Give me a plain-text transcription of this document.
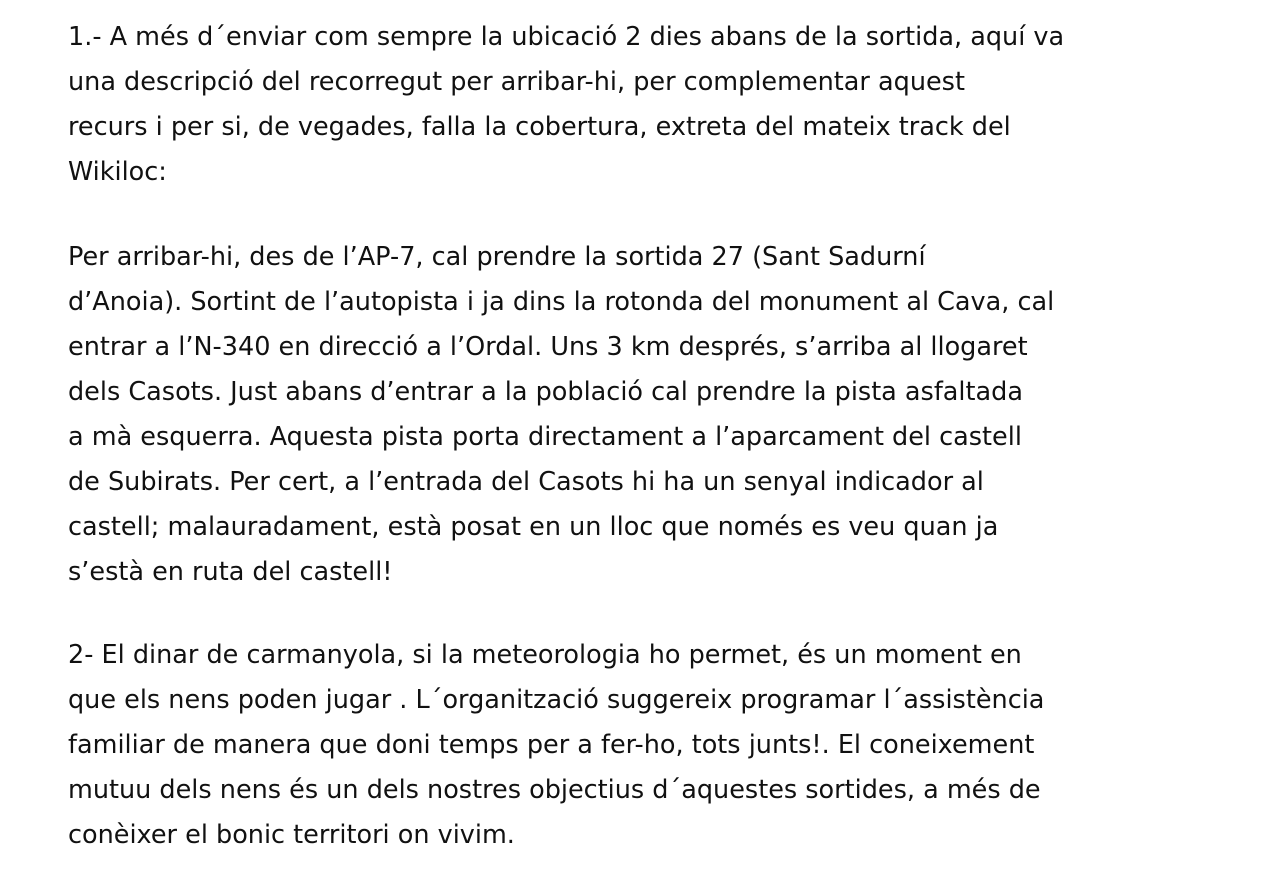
1.- A més d´enviar com sempre la ubicació 2 dies abans de la sortida, aquí va
una descripció del recorregut per arribar-hi, per complementar aquest
recurs i per si, de vegades, falla la cobertura, extreta del mateix track del
Wikiloc:
Per arribar-hi, des de l’AP-7, cal prendre la sortida 27 (Sant Sadurní
d’Anoia). Sortint de l’autopista i ja dins la rotonda del monument al Cava, cal
entrar a l’N-340 en direcció a l’Ordal. Uns 3 km després, s’arriba al llogaret
dels Casots. Just abans d’entrar a la població cal prendre la pista asfaltada
a mà esquerra. Aquesta pista porta directament a l’aparcament del castell
de Subirats. Per cert, a l’entrada del Casots hi ha un senyal indicador al
castell; malauradament, està posat en un lloc que només es veu quan ja
s’està en ruta del castell!
2- El dinar de carmanyola, si la meteorologia ho permet, és un moment en
que els nens poden jugar . L´organització suggereix programar l´assistència
familiar de manera que doni temps per a fer-ho, tots junts!. El coneixement
mutuu dels nens és un dels nostres objectius d´aquestes sortides, a més de
conèixer el bonic territori on vivim.
